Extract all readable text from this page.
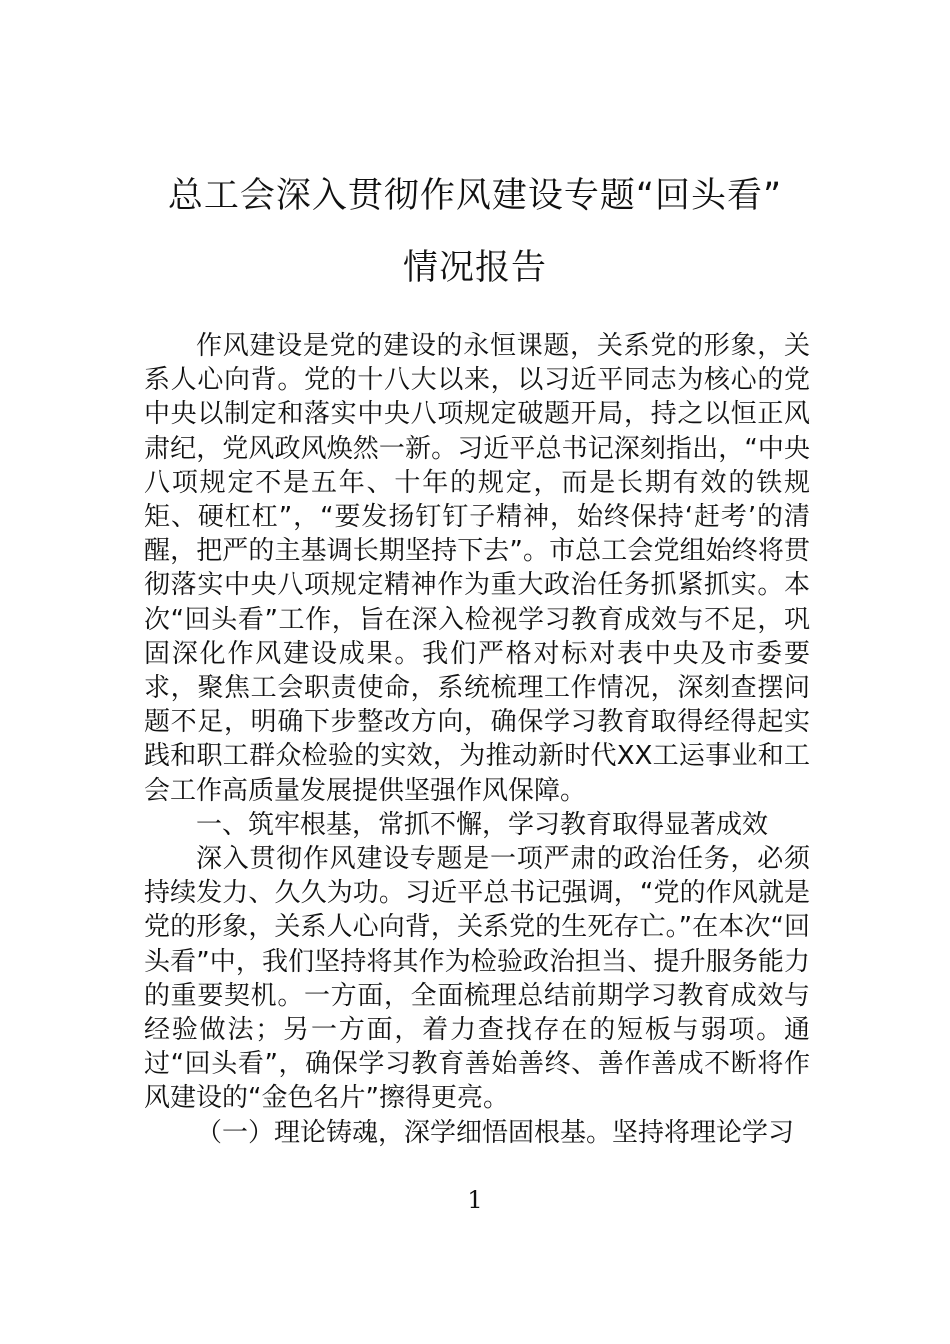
总工会深入贯彻作风建设专题“回头看”
情况报告

作风建设是党的建设的永恒课题，关系党的形象，关系人心向背。党的十八大以来，以习近平同志为核心的党中央以制定和落实中央八项规定破题开局，持之以恒正风肃纪，党风政风焕然一新。习近平总书记深刻指出，“中央八项规定不是五年、十年的规定，而是长期有效的铁规矩、硬杠杠”，“要发扬钉钉子精神，始终保持‘赶考’的清醒，把严的主基调长期坚持下去”。市总工会党组始终将贯彻落实中央八项规定精神作为重大政治任务抓紧抓实。本次“回头看”工作，旨在深入检视学习教育成效与不足，巩固深化作风建设成果。我们严格对标对表中央及市委要求，聚焦工会职责使命，系统梳理工作情况，深刻查摆问题不足，明确下步整改方向，确保学习教育取得经得起实践和职工群众检验的实效，为推动新时代XX工运事业和工会工作高质量发展提供坚强作风保障。

一、筑牢根基，常抓不懈，学习教育取得显著成效

深入贯彻作风建设专题是一项严肃的政治任务，必须持续发力、久久为功。习近平总书记强调，“党的作风就是党的形象，关系人心向背，关系党的生死存亡。”在本次“回头看”中，我们坚持将其作为检验政治担当、提升服务能力的重要契机。一方面，全面梳理总结前期学习教育成效与经验做法；另一方面，着力查找存在的短板与弱项。通过“回头看”，确保学习教育善始善终、善作善成不断将作风建设的“金色名片”擦得更亮。

（一）理论铸魂，深学细悟固根基。坚持将理论学习

1
